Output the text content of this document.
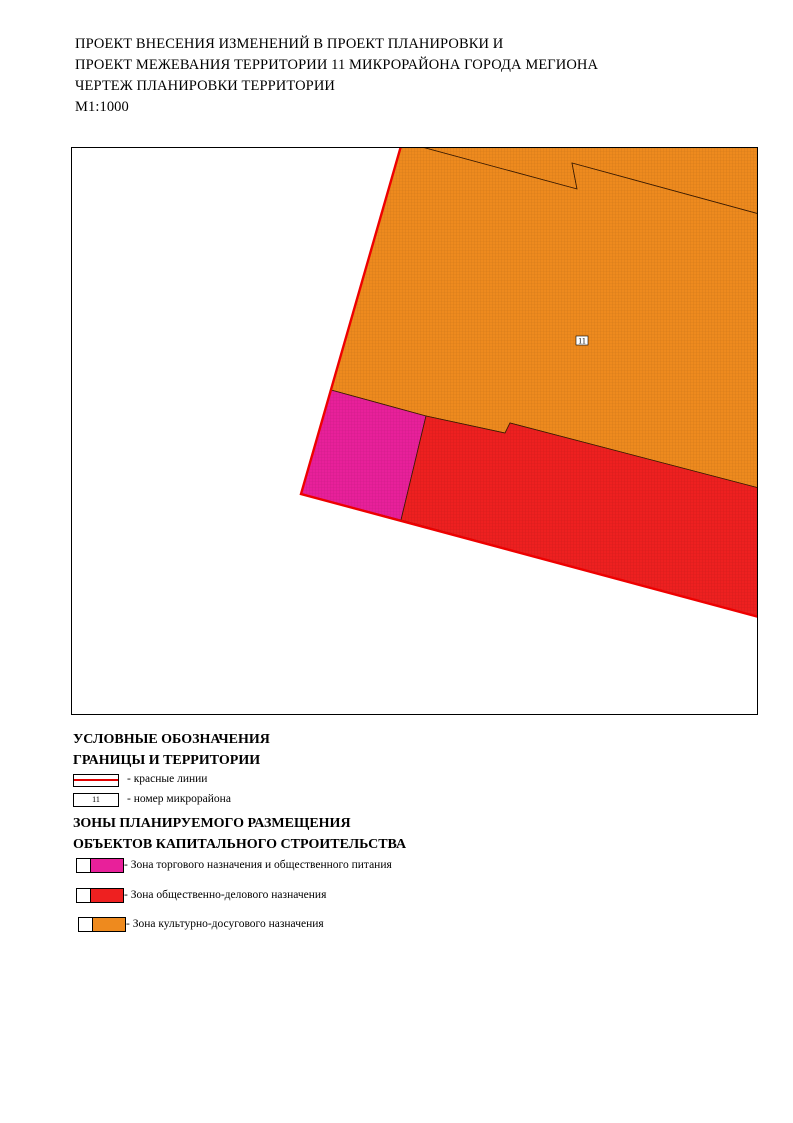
ПРОЕКТ ВНЕСЕНИЯ ИЗМЕНЕНИЙ В ПРОЕКТ ПЛАНИРОВКИ И
ПРОЕКТ МЕЖЕВАНИЯ ТЕРРИТОРИИ 11 МИКРОРАЙОНА ГОРОДА МЕГИОНА
ЧЕРТЕЖ ПЛАНИРОВКИ ТЕРРИТОРИИ
М1:1000
11
УСЛОВНЫЕ ОБОЗНАЧЕНИЯ
ГРАНИЦЫ И ТЕРРИТОРИИ
- красные линии
11	- номер микрорайона
ЗОНЫ ПЛАНИРУЕМОГО РАЗМЕЩЕНИЯ
ОБЪЕКТОВ КАПИТАЛЬНОГО СТРОИТЕЛЬСТВА
- Зона торгового назначения и общественного питания
- Зона общественно-делового назначения
- Зона культурно-досугового назначения
